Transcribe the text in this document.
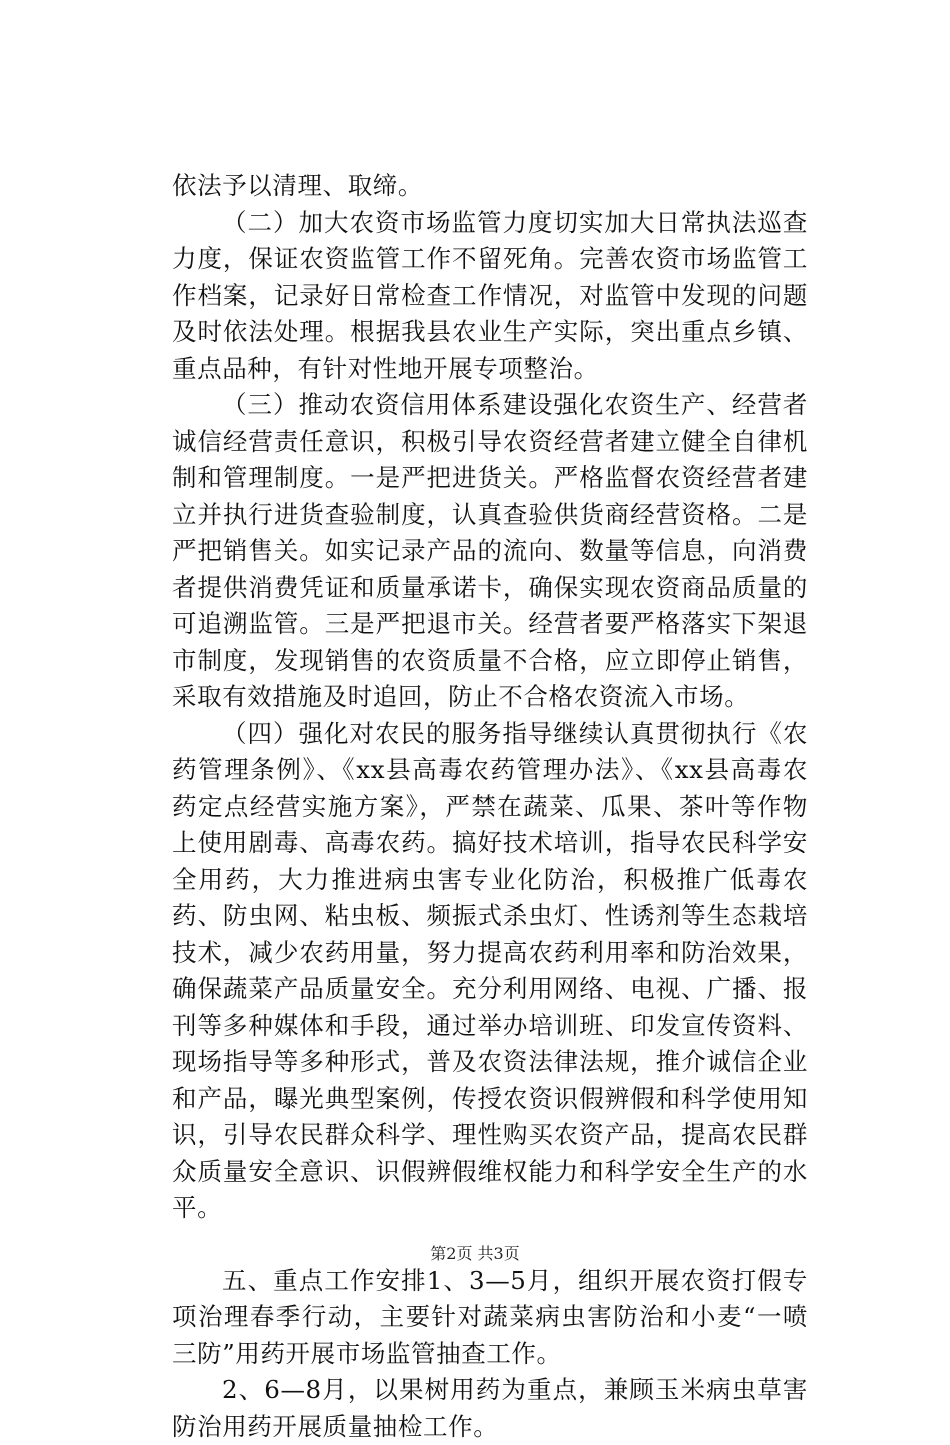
依法予以清理、取缔。

（二）加大农资市场监管力度切实加大日常执法巡查力度，保证农资监管工作不留死角。完善农资市场监管工作档案，记录好日常检查工作情况，对监管中发现的问题及时依法处理。根据我县农业生产实际，突出重点乡镇、重点品种，有针对性地开展专项整治。

（三）推动农资信用体系建设强化农资生产、经营者诚信经营责任意识，积极引导农资经营者建立健全自律机制和管理制度。一是严把进货关。严格监督农资经营者建立并执行进货查验制度，认真查验供货商经营资格。二是严把销售关。如实记录产品的流向、数量等信息，向消费者提供消费凭证和质量承诺卡，确保实现农资商品质量的可追溯监管。三是严把退市关。经营者要严格落实下架退市制度，发现销售的农资质量不合格，应立即停止销售，采取有效措施及时追回，防止不合格农资流入市场。

（四）强化对农民的服务指导继续认真贯彻执行《农药管理条例》、《xx县高毒农药管理办法》、《xx县高毒农药定点经营实施方案》，严禁在蔬菜、瓜果、茶叶等作物上使用剧毒、高毒农药。搞好技术培训，指导农民科学安全用药，大力推进病虫害专业化防治，积极推广低毒农药、防虫网、粘虫板、频振式杀虫灯、性诱剂等生态栽培技术，减少农药用量，努力提高农药利用率和防治效果，确保蔬菜产品质量安全。充分利用网络、电视、广播、报刊等多种媒体和手段，通过举办培训班、印发宣传资料、现场指导等多种形式，普及农资法律法规，推介诚信企业和产品，曝光典型案例，传授农资识假辨假和科学使用知识，引导农民群众科学、理性购买农资产品，提高农民群众质量安全意识、识假辨假维权能力和科学安全生产的水平。

五、重点工作安排1、3—5月，组织开展农资打假专项治理春季行动，主要针对蔬菜病虫害防治和小麦“一喷三防”用药开展市场监管抽查工作。

2、6—8月，以果树用药为重点，兼顾玉米病虫草害防治用药开展质量抽检工作。

第2页 共3页
